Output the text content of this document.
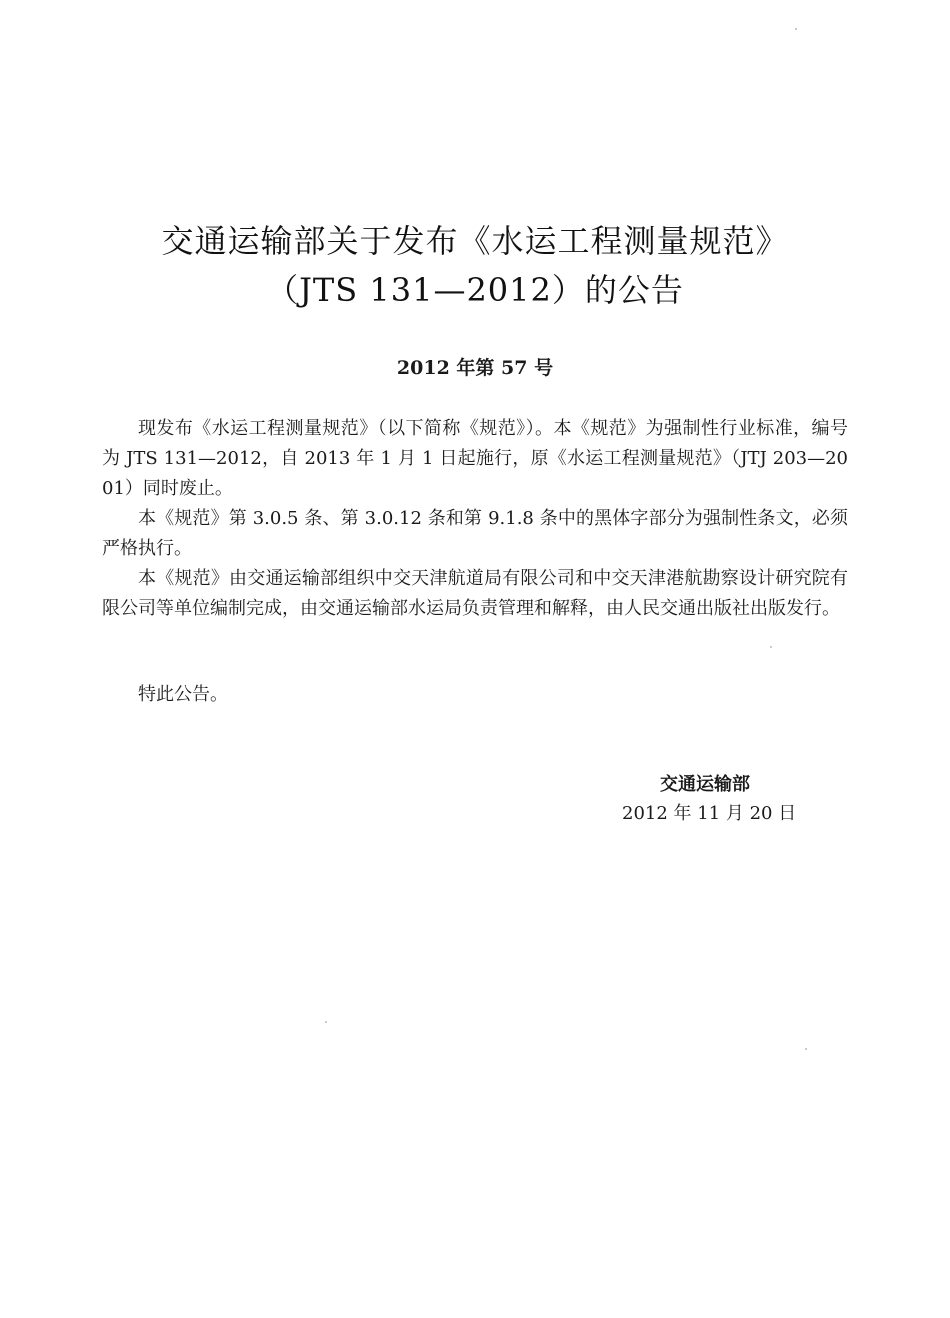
交通运输部关于发布《水运工程测量规范》
（JTS 131—2012）的公告
2012 年第 57 号

现发布《水运工程测量规范》（以下简称《规范》）。本《规范》为强制性行业标准，编号为 JTS 131—2012，自 2013 年 1 月 1 日起施行，原《水运工程测量规范》（JTJ 203—2001）同时废止。

本《规范》第 3.0.5 条、第 3.0.12 条和第 9.1.8 条中的黑体字部分为强制性条文，必须严格执行。

本《规范》由交通运输部组织中交天津航道局有限公司和中交天津港航勘察设计研究院有限公司等单位编制完成，由交通运输部水运局负责管理和解释，由人民交通出版社出版发行。

特此公告。
交通运输部
2012 年 11 月 20 日
